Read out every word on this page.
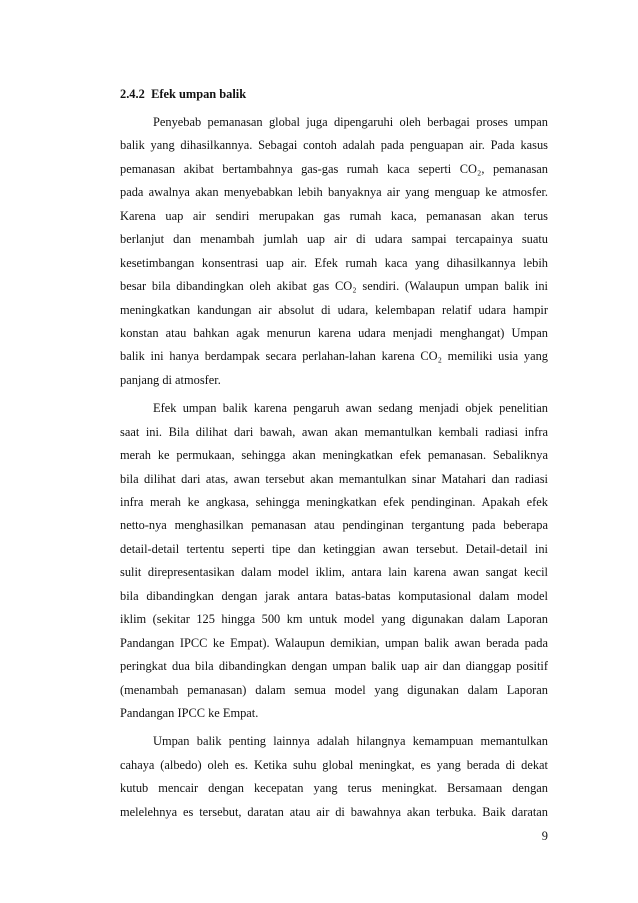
2.4.2 Efek umpan balik
Penyebab pemanasan global juga dipengaruhi oleh berbagai proses umpan
balik yang dihasilkannya. Sebagai contoh adalah pada penguapan air. Pada kasus
pemanasan akibat bertambahnya gas-gas rumah kaca seperti CO₂, pemanasan
pada awalnya akan menyebabkan lebih banyaknya air yang menguap ke atmosfer.
Karena uap air sendiri merupakan gas rumah kaca, pemanasan akan terus
berlanjut dan menambah jumlah uap air di udara sampai tercapainya suatu
kesetimbangan konsentrasi uap air. Efek rumah kaca yang dihasilkannya lebih
besar bila dibandingkan oleh akibat gas CO₂ sendiri. (Walaupun umpan balik ini
meningkatkan kandungan air absolut di udara, kelembapan relatif udara hampir
konstan atau bahkan agak menurun karena udara menjadi menghangat) Umpan
balik ini hanya berdampak secara perlahan-lahan karena CO₂ memiliki usia yang
panjang di atmosfer.
Efek umpan balik karena pengaruh awan sedang menjadi objek penelitian
saat ini. Bila dilihat dari bawah, awan akan memantulkan kembali radiasi infra
merah ke permukaan, sehingga akan meningkatkan efek pemanasan. Sebaliknya
bila dilihat dari atas, awan tersebut akan memantulkan sinar Matahari dan radiasi
infra merah ke angkasa, sehingga meningkatkan efek pendinginan. Apakah efek
netto-nya menghasilkan pemanasan atau pendinginan tergantung pada beberapa
detail-detail tertentu seperti tipe dan ketinggian awan tersebut. Detail-detail ini
sulit direpresentasikan dalam model iklim, antara lain karena awan sangat kecil
bila dibandingkan dengan jarak antara batas-batas komputasional dalam model
iklim (sekitar 125 hingga 500 km untuk model yang digunakan dalam Laporan
Pandangan IPCC ke Empat). Walaupun demikian, umpan balik awan berada pada
peringkat dua bila dibandingkan dengan umpan balik uap air dan dianggap positif
(menambah pemanasan) dalam semua model yang digunakan dalam Laporan
Pandangan IPCC ke Empat.
Umpan balik penting lainnya adalah hilangnya kemampuan memantulkan
cahaya (albedo) oleh es. Ketika suhu global meningkat, es yang berada di dekat
kutub mencair dengan kecepatan yang terus meningkat. Bersamaan dengan
melelehnya es tersebut, daratan atau air di bawahnya akan terbuka. Baik daratan
9
